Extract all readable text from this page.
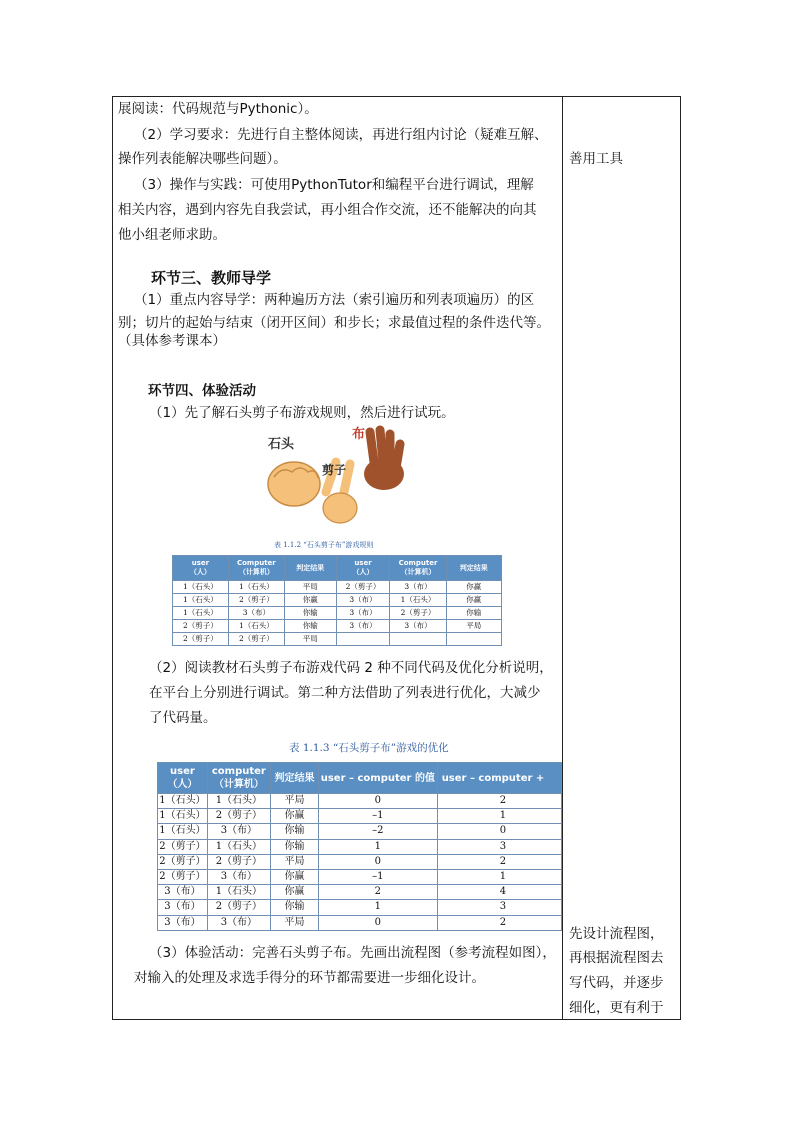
展阅读：代码规范与Pythonic）。
（2）学习要求：先进行自主整体阅读，再进行组内讨论（疑难互解、
操作列表能解决哪些问题）。
（3）操作与实践：可使用PythonTutor和编程平台进行调试，理解
相关内容，遇到内容先自我尝试，再小组合作交流，还不能解决的向其
他小组老师求助。
善用工具
环节三、教师导学
（1）重点内容导学：两种遍历方法（索引遍历和列表项遍历）的区
别；切片的起始与结束（闭开区间）和步长；求最值过程的条件迭代等。
（具体参考课本）
环节四、体验活动
（1）先了解石头剪子布游戏规则，然后进行试玩。
石头
布
剪子
表 1.1.2 “石头剪子布”游戏规则
user
（人）	Computer
（计算机）	判定结果	user
（人）	Computer
（计算机）	判定结果
1（石头）	1（石头）	平局	2（剪子）	3（布）	你赢
1（石头）	2（剪子）	你赢	3（布）	1（石头）	你赢
1（石头）	3（布）	你输	3（布）	2（剪子）	你输
2（剪子）	1（石头）	你输	3（布）	3（布）	平局
2（剪子）	2（剪子）	平局			
（2）阅读教材石头剪子布游戏代码 2 种不同代码及优化分析说明，
在平台上分别进行调试。第二种方法借助了列表进行优化，大减少
了代码量。
表 1.1.3 “石头剪子布”游戏的优化
user
（人）	computer
（计算机）	判定结果	user – computer 的值	user – computer +
1（石头）	1（石头）	平局	0	2
1（石头）	2（剪子）	你赢	–1	1
1（石头）	3（布）	你输	–2	0
2（剪子）	1（石头）	你输	1	3
2（剪子）	2（剪子）	平局	0	2
2（剪子）	3（布）	你赢	–1	1
3（布）	1（石头）	你赢	2	4
3（布）	2（剪子）	你输	1	3
3（布）	3（布）	平局	0	2
（3）体验活动：完善石头剪子布。先画出流程图（参考流程如图），
对输入的处理及求选手得分的环节都需要进一步细化设计。
先设计流程图，
再根据流程图去
写代码，并逐步
细化，更有利于
